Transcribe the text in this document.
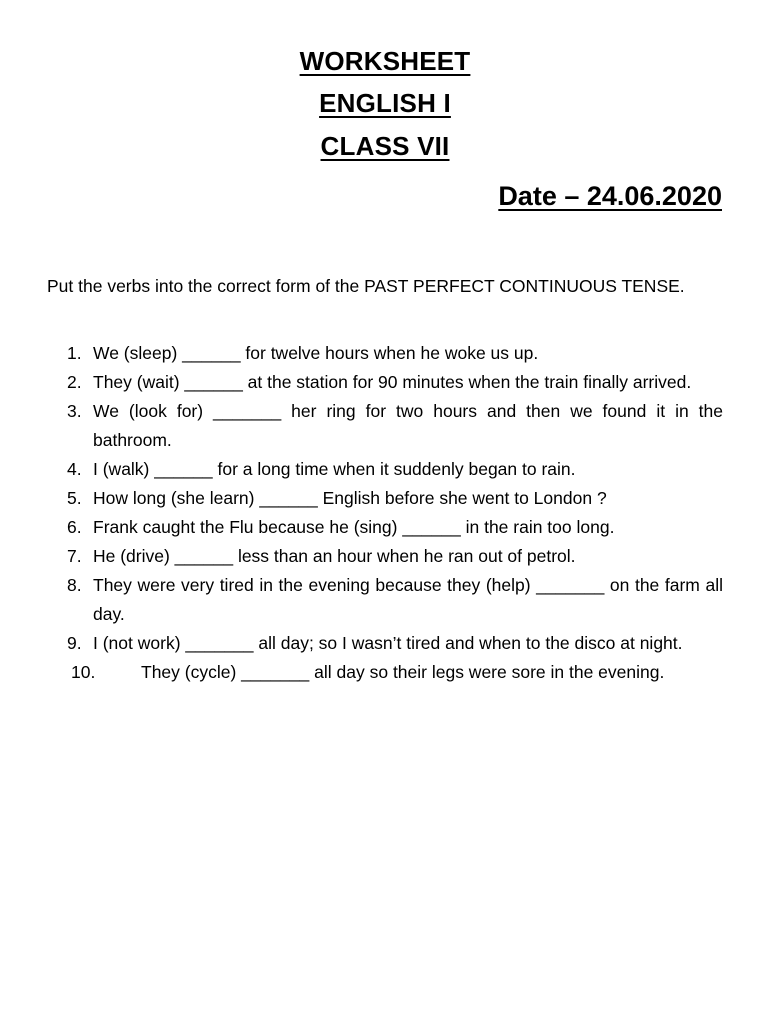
WORKSHEET
ENGLISH I
CLASS VII
Date – 24.06.2020
Put the verbs into the correct form of the PAST PERFECT CONTINUOUS TENSE.
1. We (sleep) ______ for twelve hours when he woke us up.
2. They (wait) ______ at the station for 90 minutes when the train finally arrived.
3. We (look for) _______ her ring for two hours and then we found it in the bathroom.
4. I (walk) ______ for a long time when it suddenly began to rain.
5. How long (she learn) ______ English before she went to London ?
6. Frank caught the Flu because he (sing) ______ in the rain too long.
7. He (drive) ______ less than an hour when he ran out of petrol.
8. They were very tired in the evening because they (help) _______ on the farm all day.
9. I (not work) _______ all day; so I wasn’t tired and when to the disco at night.
10.	They (cycle) _______ all day so their legs were sore in the evening.
